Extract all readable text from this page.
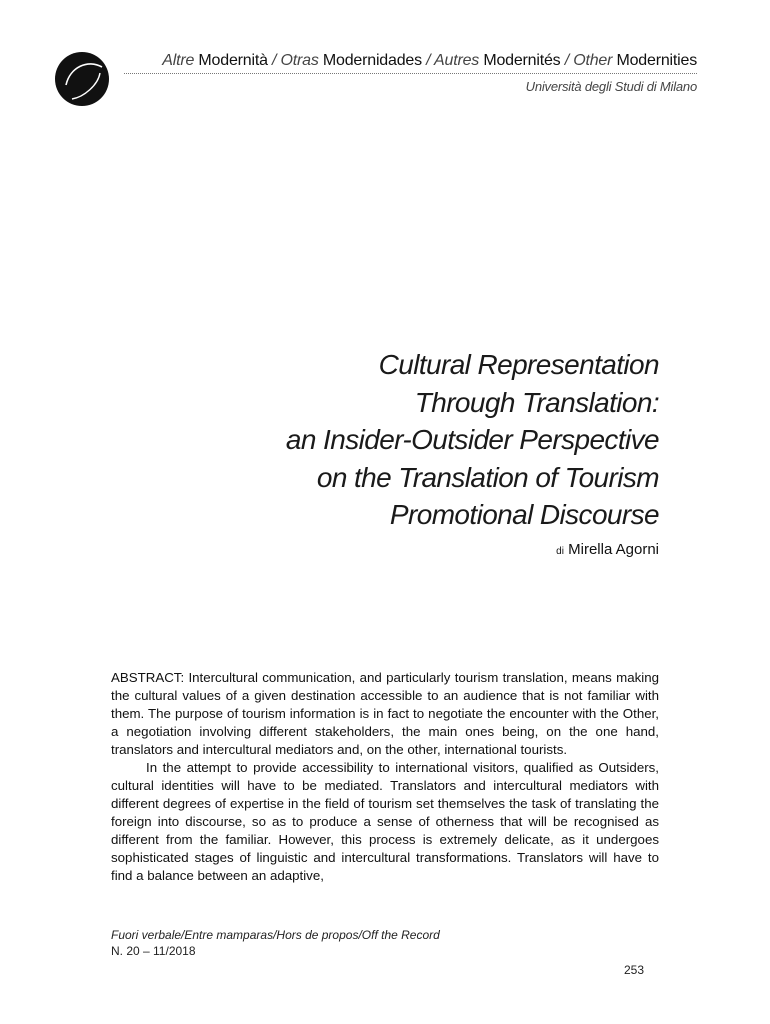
Altre Modernità / Otras Modernidades / Autres Modernités / Other Modernities
Università degli Studi di Milano
Cultural Representation
Through Translation:
an Insider-Outsider Perspective
on the Translation of Tourism
Promotional Discourse
di Mirella Agorni

ABSTRACT: Intercultural communication, and particularly tourism translation, means making the cultural values of a given destination accessible to an audience that is not familiar with them. The purpose of tourism information is in fact to negotiate the encounter with the Other, a negotiation involving different stakeholders, the main ones being, on the one hand, translators and intercultural mediators and, on the other, international tourists.

In the attempt to provide accessibility to international visitors, qualified as Outsiders, cultural identities will have to be mediated. Translators and intercultural mediators with different degrees of expertise in the field of tourism set themselves the task of translating the foreign into discourse, so as to produce a sense of otherness that will be recognised as different from the familiar. However, this process is extremely delicate, as it undergoes sophisticated stages of linguistic and intercultural transformations. Translators will have to find a balance between an adaptive,

Fuori verbale/Entre mamparas/Hors de propos/Off the Record
N. 20 – 11/2018
253
